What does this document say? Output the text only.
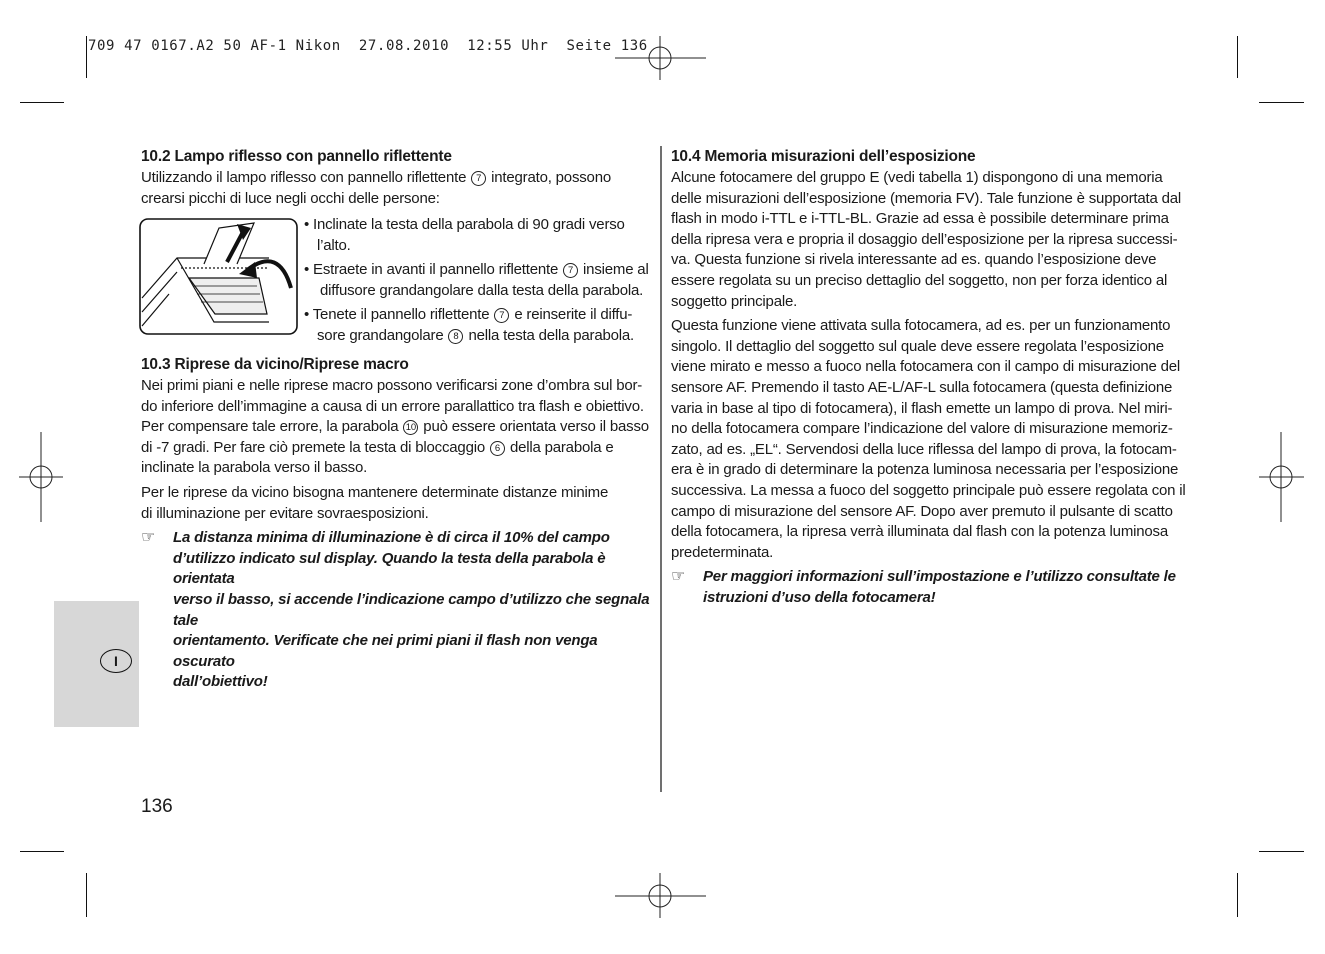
709 47 0167.A2 50 AF-1 Nikon  27.08.2010  12:55 Uhr  Seite 136
10.2 Lampo riflesso con pannello riflettente

Utilizzando il lampo riflesso con pannello riflettente 7 integrato, possono

crearsi picchi di luce negli occhi delle persone:

• Inclinate la testa della parabola di 90 gradi verso

l’alto.

• Estraete in avanti il pannello riflettente 7 insieme al

diffusore grandangolare dalla testa della parabola.

• Tenete il pannello riflettente 7 e reinserite il diffu-

sore grandangolare 8 nella testa della parabola.

10.3 Riprese da vicino/Riprese macro

Nei primi piani e nelle riprese macro possono verificarsi zone d’ombra sul bor-

do inferiore dell’immagine a causa di un errore parallattico tra flash e obiettivo.

Per compensare tale errore, la parabola 10 può essere orientata verso il basso

di -7 gradi. Per fare ciò premete la testa di bloccaggio 6 della parabola e

inclinate la parabola verso il basso.

Per le riprese da vicino bisogna mantenere determinate distanze minime

di illuminazione per evitare sovraesposizioni.

☞ La distanza minima di illuminazione è di circa il 10% del campo

d’utilizzo indicato sul display. Quando la testa della parabola è orientata

verso il basso, si accende l’indicazione campo d’utilizzo che segnala tale

orientamento. Verificate che nei primi piani il flash non venga oscurato

dall’obiettivo!

10.4 Memoria misurazioni dell’esposizione

Alcune fotocamere del gruppo E (vedi tabella 1) dispongono di una memoria

delle misurazioni dell’esposizione (memoria FV). Tale funzione è supportata dal

flash in modo i-TTL e i-TTL-BL. Grazie ad essa è possibile determinare prima

della ripresa vera e propria il dosaggio dell’esposizione per la ripresa successi-

va. Questa funzione si rivela interessante ad es. quando l’esposizione deve

essere regolata su un preciso dettaglio del soggetto, non per forza identico al

soggetto principale.

Questa funzione viene attivata sulla fotocamera, ad es. per un funzionamento

singolo. Il dettaglio del soggetto sul quale deve essere regolata l’esposizione

viene mirato e messo a fuoco nella fotocamera con il campo di misurazione del

sensore AF. Premendo il tasto AE-L/AF-L sulla fotocamera (questa definizione

varia in base al tipo di fotocamera), il flash emette un lampo di prova. Nel miri-

no della fotocamera compare l’indicazione del valore di misurazione memoriz-

zato, ad es. „EL“. Servendosi della luce riflessa del lampo di prova, la fotocam-

era è in grado di determinare la potenza luminosa necessaria per l’esposizione

successiva. La messa a fuoco del soggetto principale può essere regolata con il

campo di misurazione del sensore AF. Dopo aver premuto il pulsante di scatto

della fotocamera, la ripresa verrà illuminata dal flash con la potenza luminosa

predeterminata.

☞ Per maggiori informazioni sull’impostazione e l’utilizzo consultate le

istruzioni d’uso della fotocamera!

I
136
